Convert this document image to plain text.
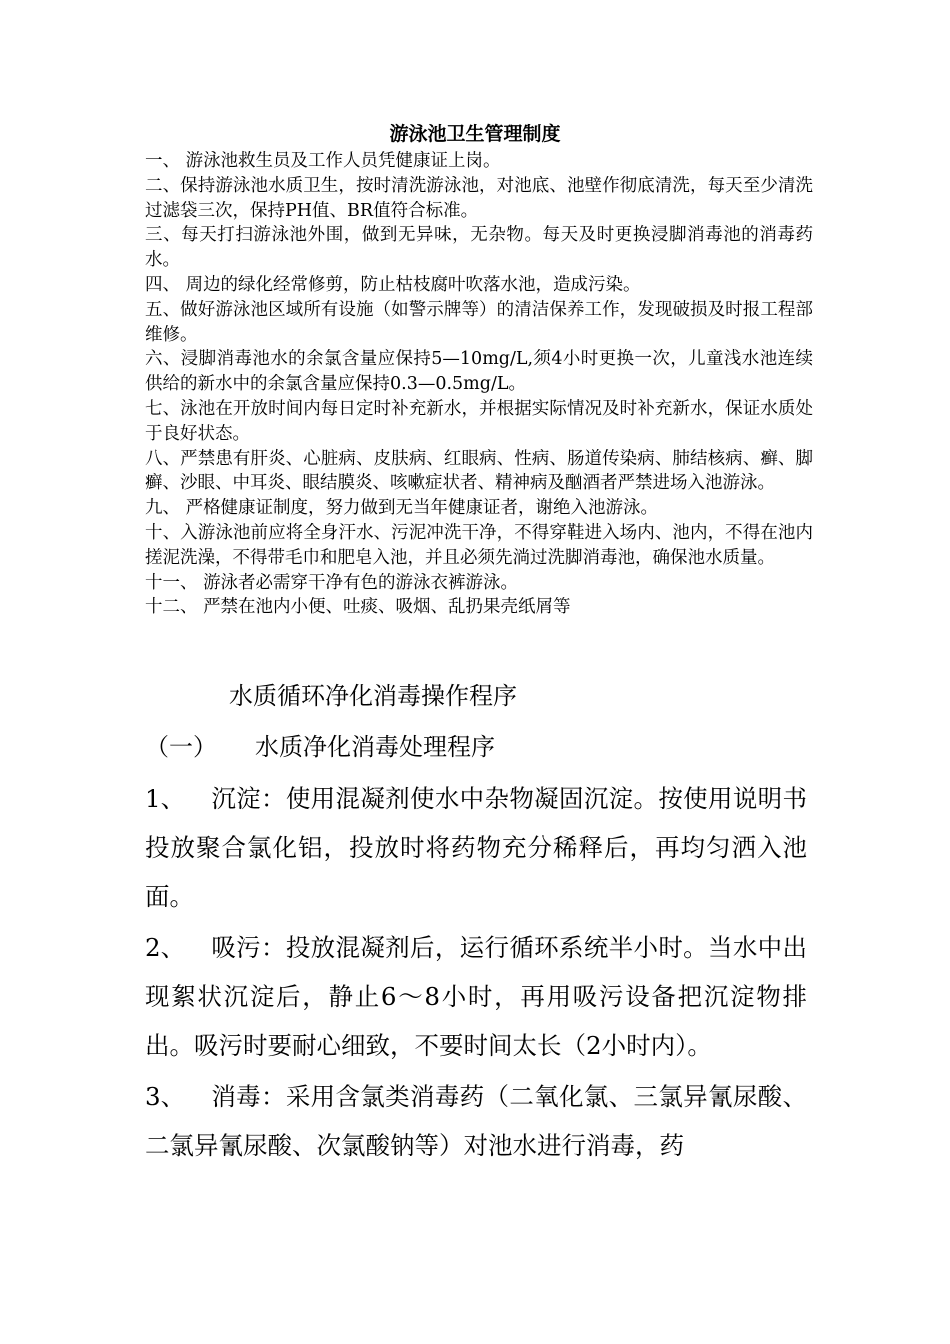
游泳池卫生管理制度

一、 游泳池救生员及工作人员凭健康证上岗。

二、保持游泳池水质卫生，按时清洗游泳池，对池底、池壁作彻底清洗，每天至少清洗过滤袋三次，保持PH值、BR值符合标准。

三、每天打扫游泳池外围，做到无异味，无杂物。每天及时更换浸脚消毒池的消毒药水。

四、 周边的绿化经常修剪，防止枯枝腐叶吹落水池，造成污染。

五、做好游泳池区域所有设施（如警示牌等）的清洁保养工作，发现破损及时报工程部维修。

六、浸脚消毒池水的余氯含量应保持5—10mg/L,须4小时更换一次，儿童浅水池连续供给的新水中的余氯含量应保持0.3—0.5mg/L。

七、泳池在开放时间内每日定时补充新水，并根据实际情况及时补充新水，保证水质处于良好状态。

八、严禁患有肝炎、心脏病、皮肤病、红眼病、性病、肠道传染病、肺结核病、癣、脚癣、沙眼、中耳炎、眼结膜炎、咳嗽症状者、精神病及酗酒者严禁进场入池游泳。

九、 严格健康证制度，努力做到无当年健康证者，谢绝入池游泳。

十、入游泳池前应将全身汗水、污泥冲洗干净，不得穿鞋进入场内、池内，不得在池内搓泥洗澡，不得带毛巾和肥皂入池，并且必须先淌过洗脚消毒池，确保池水质量。

十一、 游泳者必需穿干净有色的游泳衣裤游泳。

十二、 严禁在池内小便、吐痰、吸烟、乱扔果壳纸屑等

水质循环净化消毒操作程序
（一） 水质净化消毒处理程序

1、 沉淀：使用混凝剂使水中杂物凝固沉淀。按使用说明书投放聚合氯化铝，投放时将药物充分稀释后，再均匀洒入池面。

2、 吸污：投放混凝剂后，运行循环系统半小时。当水中出现絮状沉淀后，静止6～8小时，再用吸污设备把沉淀物排出。吸污时要耐心细致，不要时间太长（2小时内）。

3、 消毒：采用含氯类消毒药（二氧化氯、三氯异氰尿酸、二氯异氰尿酸、次氯酸钠等）对池水进行消毒，药
